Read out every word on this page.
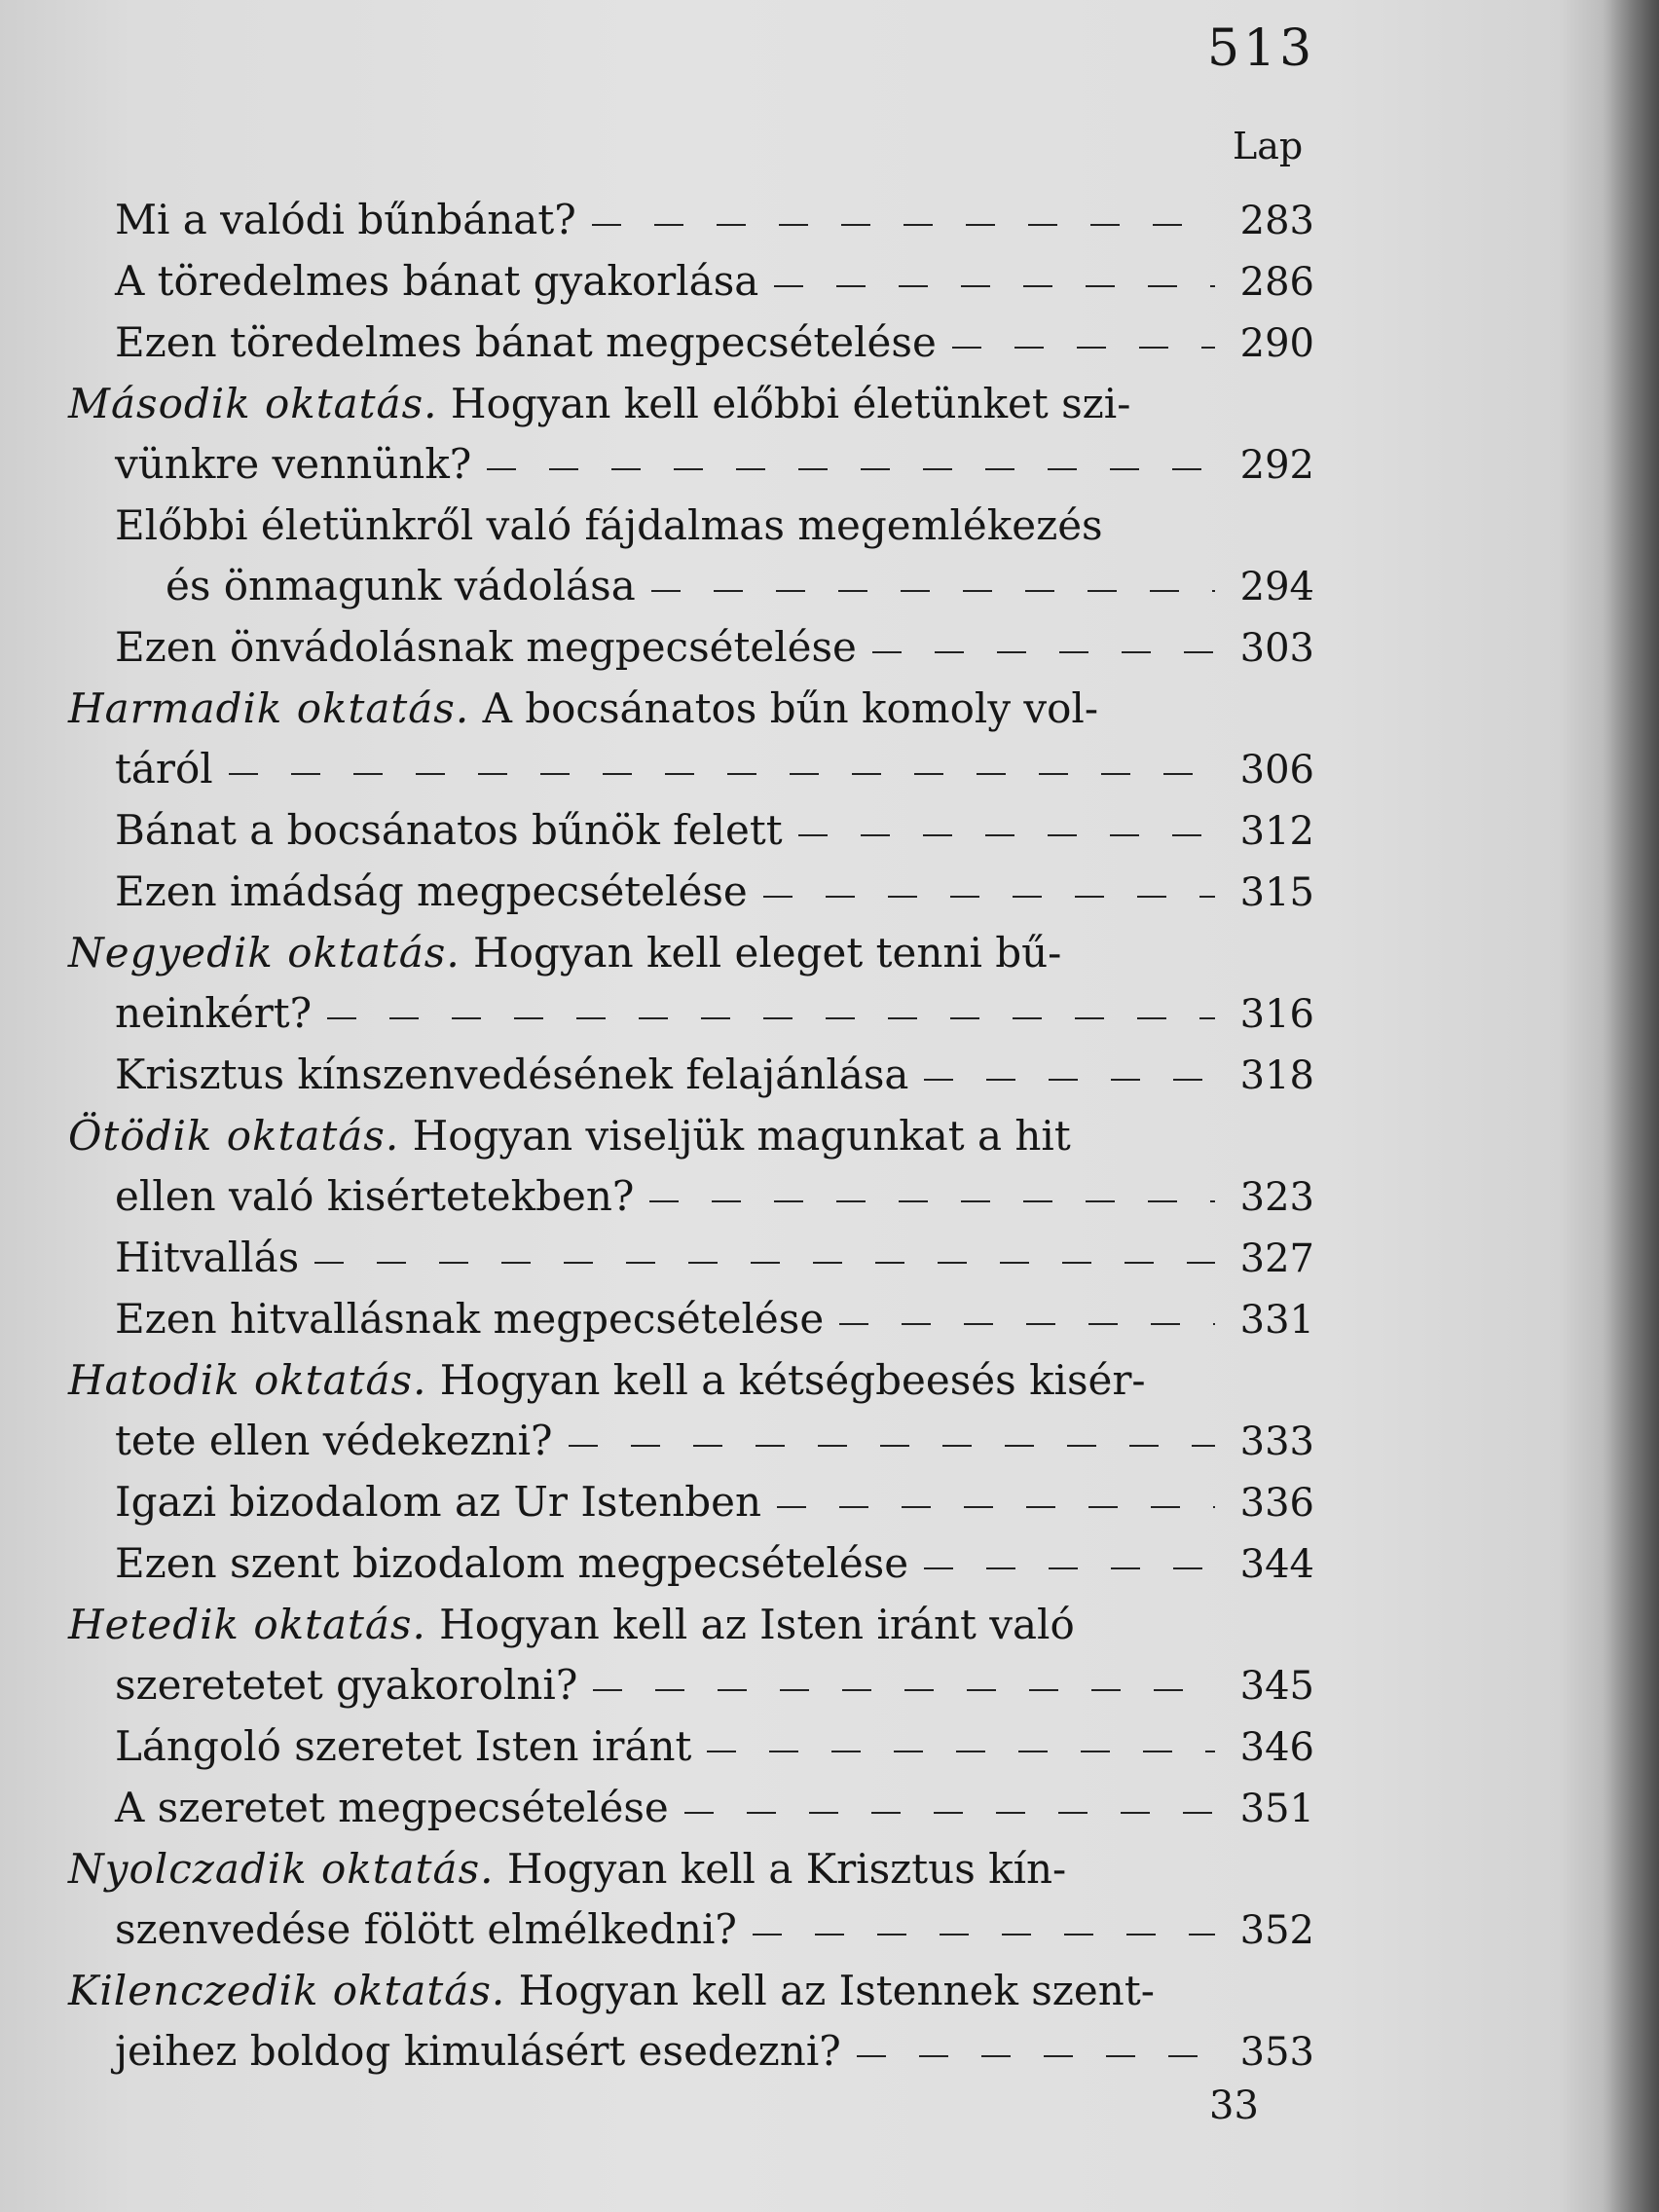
513
Lap
Mi a valódi bűnbánat?	283
A töredelmes bánat gyakorlása	286
Ezen töredelmes bánat megpecsételése	290
Második oktatás.
Hogyan kell előbbi életünket szi-
vünkre vennünk?	292
Előbbi életünkről való fájdalmas megemlékezés
és önmagunk vádolása	294
Ezen önvádolásnak megpecsételése	303
Harmadik oktatás.
A bocsánatos bűn komoly vol-
táról	306
Bánat a bocsánatos bűnök felett	312
Ezen imádság megpecsételése	315
Negyedik oktatás.
Hogyan kell eleget tenni bű-
neinkért?	316
Krisztus kínszenvedésének felajánlása	318
Ötödik oktatás.
Hogyan viseljük magunkat a hit
ellen való kisértetekben?	323
Hitvallás	327
Ezen hitvallásnak megpecsételése	331
Hatodik oktatás.
Hogyan kell a kétségbeesés kisér-
tete ellen védekezni?	333
Igazi bizodalom az Ur Istenben	336
Ezen szent bizodalom megpecsételése	344
Hetedik oktatás.
Hogyan kell az Isten iránt való
szeretetet gyakorolni?	345
Lángoló szeretet Isten iránt	346
A szeretet megpecsételése	351
Nyolczadik oktatás.
Hogyan kell a Krisztus kín-
szenvedése fölött elmélkedni?	352
Kilenczedik oktatás.
Hogyan kell az Istennek szent-
jeihez boldog kimulásért esedezni?	353
33
